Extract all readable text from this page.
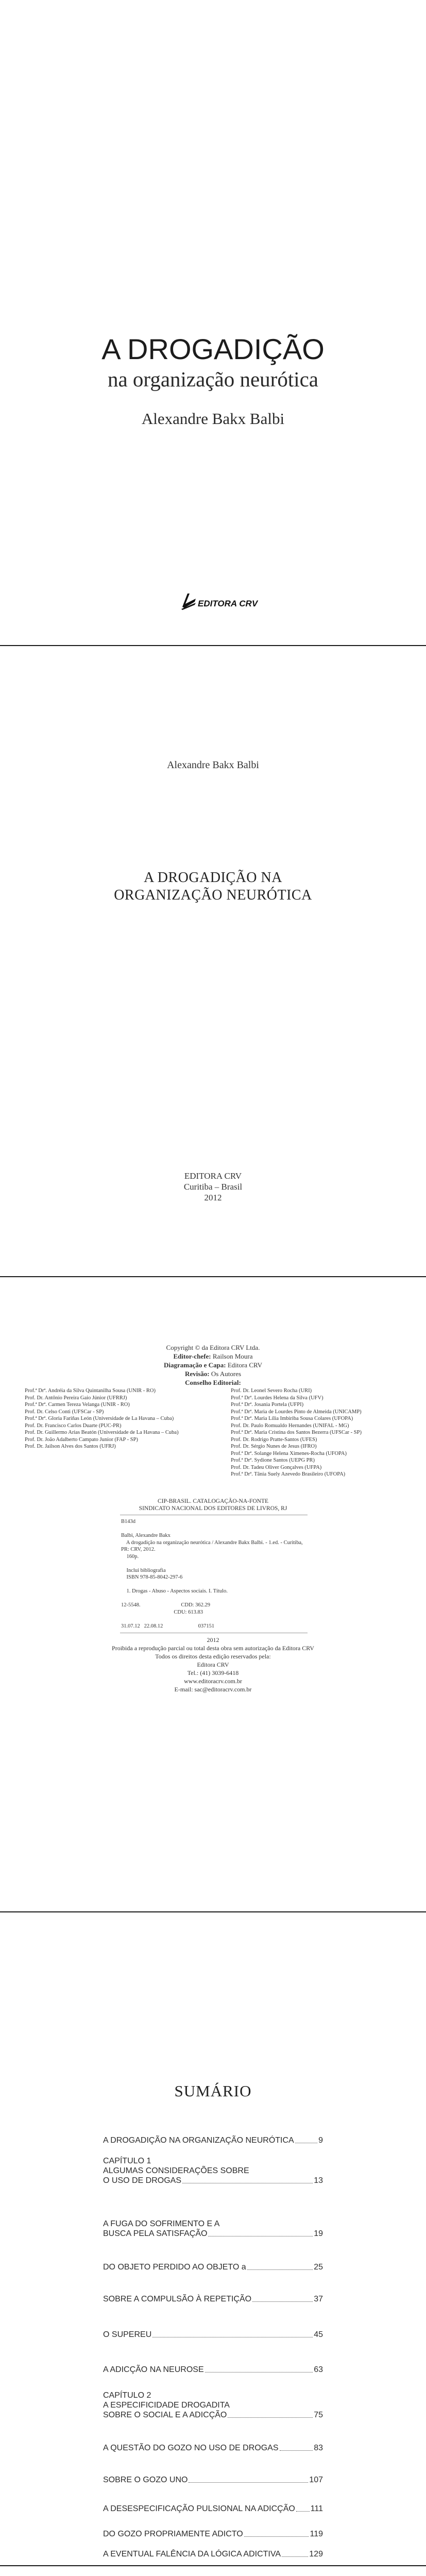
A DROGADIÇÃO
na organização neurótica
Alexandre Bakx Balbi
EDITORA CRV
Alexandre Bakx Balbi
A DROGADIÇÃO NA
ORGANIZAÇÃO NEURÓTICA
EDITORA CRV
Curitiba – Brasil
2012
Copyright © da Editora CRV Ltda.
Editor-chefe: Railson Moura
Diagramação e Capa: Editora CRV
Revisão: Os Autores
Conselho Editorial:
Prof.ª Drª. Andréia da Silva Quintanilha Sousa (UNIR - RO)
Prof. Dr. Antônio Pereira Gaio Júnior (UFRRJ)
Prof.ª Drª. Carmen Tereza Velanga (UNIR - RO)
Prof. Dr. Celso Conti (UFSCar - SP)
Prof.ª Drª. Gloria Fariñas León (Universidade de La Havana – Cuba)
Prof. Dr. Francisco Carlos Duarte (PUC-PR)
Prof. Dr. Guillermo Arias Beatón (Universidade de La Havana – Cuba)
Prof. Dr. João Adalberto Campato Junior (FAP - SP)
Prof. Dr. Jailson Alves dos Santos (UFRJ)
Prof. Dr. Leonel Severo Rocha (URI)
Prof.ª Drª. Lourdes Helena da Silva (UFV)
Prof.ª Drª. Josania Portela (UFPI)
Prof.ª Drª. Maria de Lourdes Pinto de Almeida (UNICAMP)
Prof.ª Drª. Maria Lília Imbiriba Sousa Colares (UFOPA)
Prof. Dr. Paulo Romualdo Hernandes (UNIFAL - MG)
Prof.ª Drª. Maria Cristina dos Santos Bezerra (UFSCar - SP)
Prof. Dr. Rodrigo Pratte-Santos (UFES)
Prof. Dr. Sérgio Nunes de Jesus (IFRO)
Prof.ª Drª. Solange Helena Ximenes-Rocha (UFOPA)
Prof.ª Drª. Sydione Santos (UEPG PR)
Prof. Dr. Tadeu Oliver Gonçalves (UFPA)
Prof.ª Drª. Tânia Suely Azevedo Brasileiro (UFOPA)
CIP-BRASIL. CATALOGAÇÃO-NA-FONTE
SINDICATO NACIONAL DOS EDITORES DE LIVROS, RJ
B143d
Balbi, Alexandre Bakx
A drogadição na organização neurótica / Alexandre Bakx Balbi. - 1.ed. - Curitiba,
PR: CRV, 2012.
160p.
Inclui bibliografia
ISBN 978-85-8042-297-6
1. Drogas - Abuso - Aspectos sociais. I. Título.
12-5548.                              CDD: 362.29
CDU: 613.83
31.07.12   22.08.12                          037151
2012
Proibida a reprodução parcial ou total desta obra sem autorização da Editora CRV
Todos os direitos desta edição reservados pela:
Editora CRV
Tel.: (41) 3039-6418
www.editoracrv.com.br
E-mail: sac@editoracrv.com.br
SUMÁRIO
A DROGADIÇÃO NA ORGANIZAÇÃO NEURÓTICA	9
CAPÍTULO 1
ALGUMAS CONSIDERAÇÕES SOBRE
O USO DE DROGAS	13
A FUGA DO SOFRIMENTO E A
BUSCA PELA SATISFAÇÃO	19
DO OBJETO PERDIDO AO OBJETO a	25
SOBRE A COMPULSÃO À REPETIÇÃO	37
O SUPEREU	45
A ADICÇÃO NA NEUROSE	63
CAPÍTULO 2
A ESPECIFICIDADE DROGADITA
SOBRE O SOCIAL E A ADICÇÃO	75
A QUESTÃO DO GOZO NO USO DE DROGAS	83
SOBRE O GOZO UNO	107
A DESESPECIFICAÇÃO PULSIONAL NA ADICÇÃO 111
DO GOZO PROPRIAMENTE ADICTO	119
A EVENTUAL FALÊNCIA DA LÓGICA ADICTIVA	129
